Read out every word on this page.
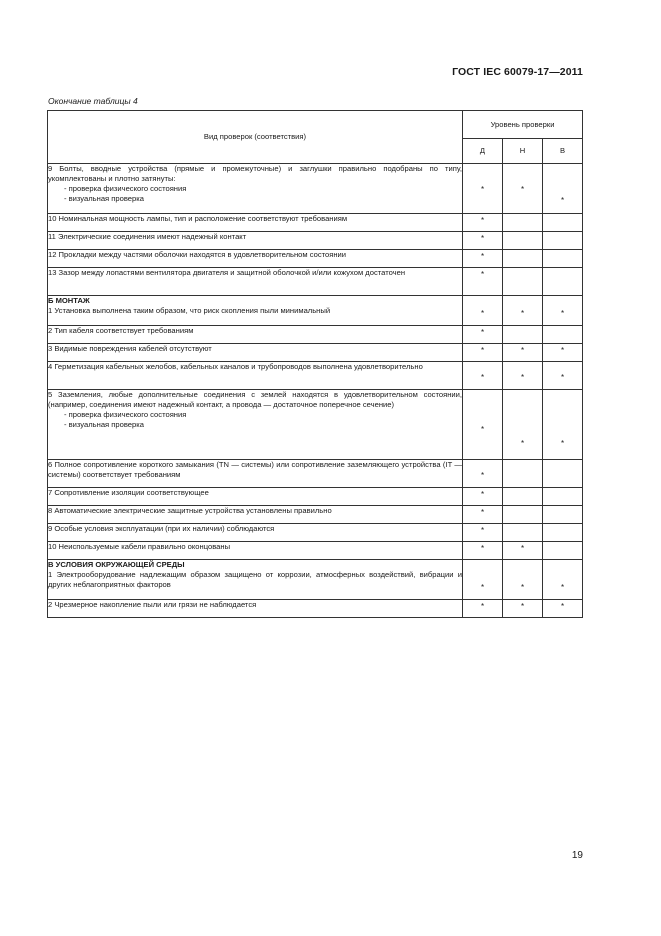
ГОСТ IEC 60079-17—2011
Окончание таблицы 4
Вид проверок (соответствия)	Уровень проверки		
	Д	Н	В

9 Болты, вводные устройства (прямые и промежуточные) и заглушки правильно подобраны по типу, укомплектованы и плотно затянуты:
- проверка физического состояния
- визуальная проверка	*	*	*

10 Номинальная мощность лампы, тип и расположение соответствуют требованиям	*		

11 Электрические соединения имеют надежный контакт	*		

12 Прокладки между частями оболочки находятся в удовлетворительном состоянии	*		

13 Зазор между лопастями вентилятора двигателя и защитной оболочкой и/или кожухом достаточен	*		

Б МОНТАЖ
1 Установка выполнена таким образом, что риск скопления пыли минимальный	*	*	*

2 Тип кабеля соответствует требованиям	*		

3 Видимые повреждения кабелей отсутствуют	*	*	*

4 Герметизация кабельных желобов, кабельных каналов и трубопроводов выполнена удовлетворительно	*	*	*

5 Заземления, любые дополнительные соединения с землей находятся в удовлетворительном состоянии, (например, соединения имеют надежный контакт, а провода — достаточное поперечное сечение)
- проверка физического состояния
- визуальная проверка	*	*	*

6 Полное сопротивление короткого замыкания (TN — системы) или сопротивление заземляющего устройства (IT — системы) соответствует требованиям	*		

7 Сопротивление изоляции соответствующее	*		

8 Автоматические электрические защитные устройства установлены правильно	*		

9 Особые условия эксплуатации (при их наличии) соблюдаются	*		

10 Неиспользуемые кабели правильно оконцованы	*	*	

В УСЛОВИЯ ОКРУЖАЮЩЕЙ СРЕДЫ
1 Электрооборудование надлежащим образом защищено от коррозии, атмосферных воздействий, вибрации и других неблагоприятных факторов	*	*	*

2 Чрезмерное накопление пыли или грязи не наблюдается	*	*	*
19
